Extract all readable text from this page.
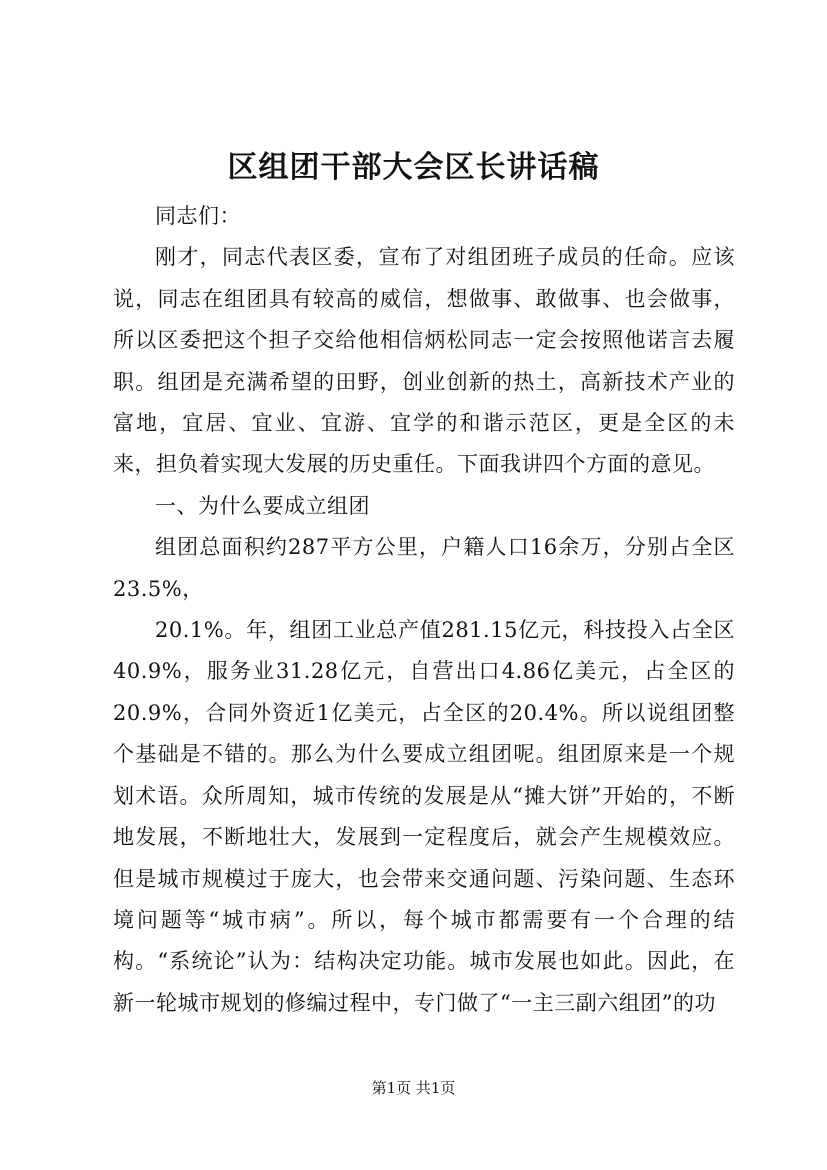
区组团干部大会区长讲话稿

同志们：

刚才，同志代表区委，宣布了对组团班子成员的任命。应该说，同志在组团具有较高的威信，想做事、敢做事、也会做事，所以区委把这个担子交给他相信炳松同志一定会按照他诺言去履职。组团是充满希望的田野，创业创新的热土，高新技术产业的富地，宜居、宜业、宜游、宜学的和谐示范区，更是全区的未来，担负着实现大发展的历史重任。下面我讲四个方面的意见。

一、为什么要成立组团

组团总面积约287平方公里，户籍人口16余万，分别占全区23.5%，

20.1%。年，组团工业总产值281.15亿元，科技投入占全区40.9%，服务业31.28亿元，自营出口4.86亿美元，占全区的20.9%，合同外资近1亿美元，占全区的20.4%。所以说组团整个基础是不错的。那么为什么要成立组团呢。组团原来是一个规划术语。众所周知，城市传统的发展是从“摊大饼”开始的，不断地发展，不断地壮大，发展到一定程度后，就会产生规模效应。但是城市规模过于庞大，也会带来交通问题、污染问题、生态环境问题等“城市病”。所以，每个城市都需要有一个合理的结构。“系统论”认为：结构决定功能。城市发展也如此。因此，在新一轮城市规划的修编过程中，专门做了“一主三副六组团”的功

第1页 共1页
